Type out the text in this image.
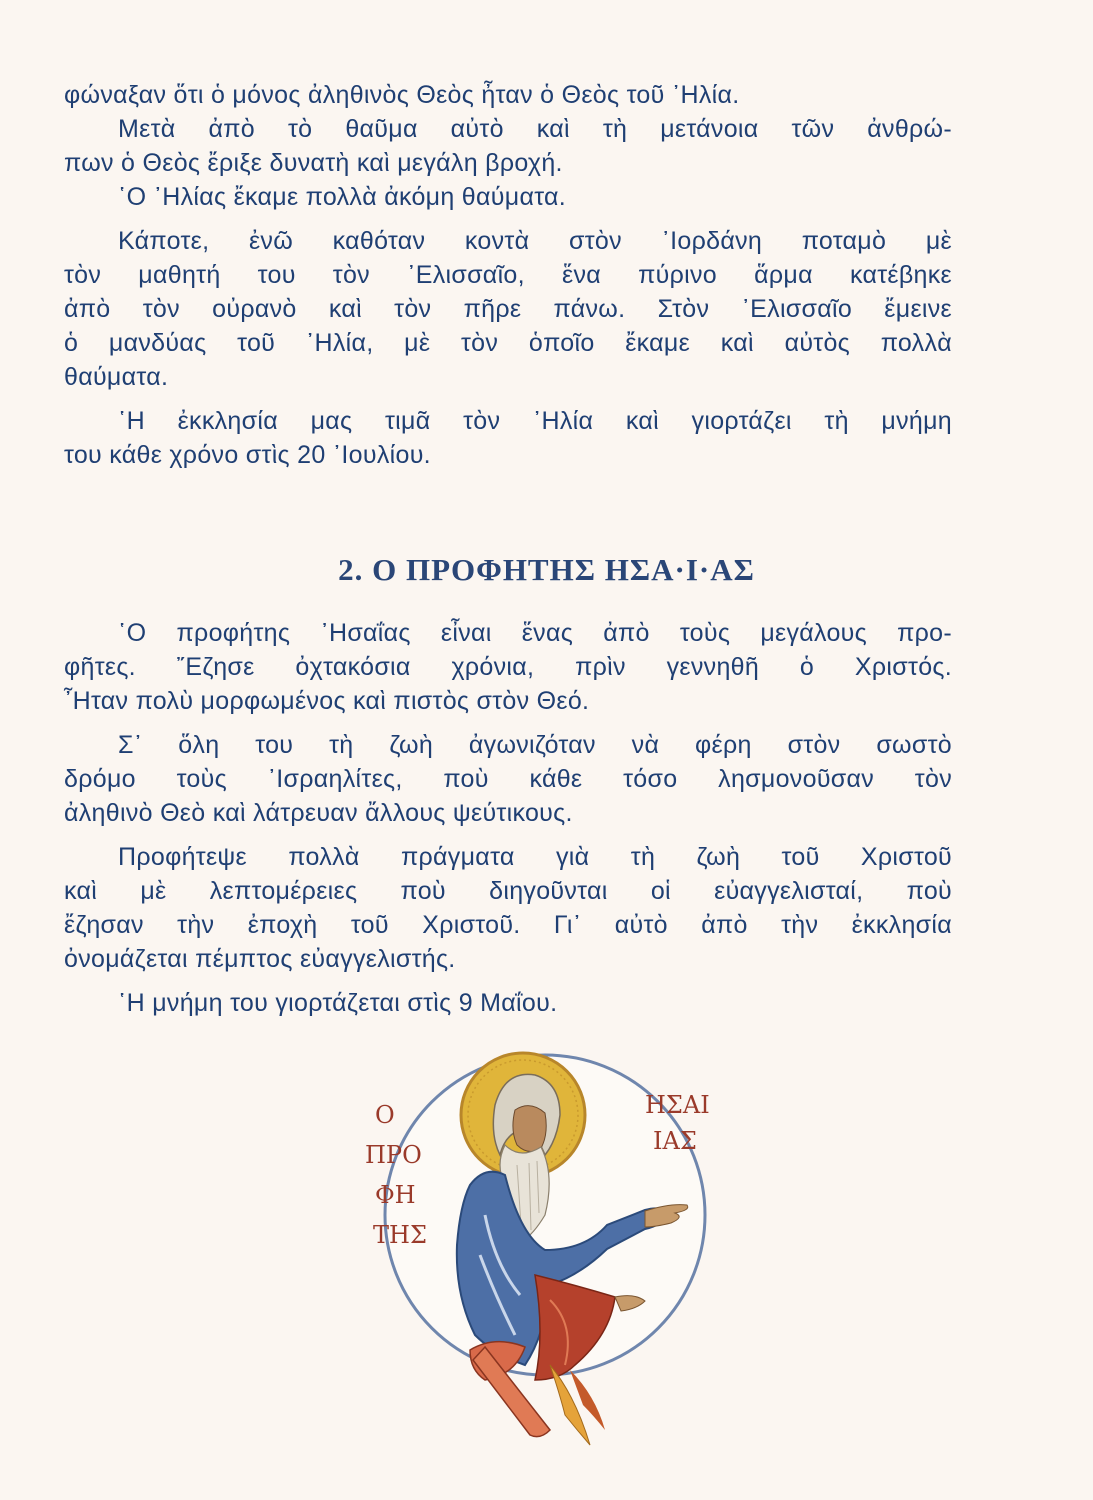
φώναξαν ὅτι ὁ μόνος ἀληθινὸς Θεὸς ἦταν ὁ Θεὸς τοῦ ᾿Ηλία.
Μετὰ ἀπὸ τὸ θαῦμα αὐτὸ καὶ τὴ μετάνοια τῶν ἀνθρώ-
πων ὁ Θεὸς ἔριξε δυνατὴ καὶ μεγάλη βροχή.
῾Ο ᾿Ηλίας ἔκαμε πολλὰ ἀκόμη θαύματα.
Κάποτε, ἐνῶ καθόταν κοντὰ στὸν ᾿Ιορδάνη ποταμὸ μὲ
τὸν μαθητή του τὸν ᾿Ελισσαῖο, ἕνα πύρινο ἅρμα κατέβηκε
ἀπὸ τὸν οὐρανὸ καὶ τὸν πῆρε πάνω. Στὸν ᾿Ελισσαῖο ἔμεινε
ὁ μανδύας τοῦ ᾿Ηλία, μὲ τὸν ὁποῖο ἔκαμε καὶ αὐτὸς πολλὰ
θαύματα.
῾Η ἐκκλησία μας τιμᾶ τὸν ᾿Ηλία καὶ γιορτάζει τὴ μνήμη
του κάθε χρόνο στὶς 20 ᾿Ιουλίου.
2. Ο ΠΡΟΦΗΤΗΣ ΗΣΑ·Ι·ΑΣ
῾Ο προφήτης ᾿Ησαΐας εἶναι ἕνας ἀπὸ τοὺς μεγάλους προ-
φῆτες. ῎Εζησε ὀχτακόσια χρόνια, πρὶν γεννηθῆ ὁ Χριστός.
῏Ηταν πολὺ μορφωμένος καὶ πιστὸς στὸν Θεό.
Σ᾿ ὅλη του τὴ ζωὴ ἀγωνιζόταν νὰ φέρη στὸν σωστὸ
δρόμο τοὺς ᾿Ισραηλίτες, ποὺ κάθε τόσο λησμονοῦσαν τὸν
ἀληθινὸ Θεὸ καὶ λάτρευαν ἄλλους ψεύτικους.
Προφήτεψε πολλὰ πράγματα γιὰ τὴ ζωὴ τοῦ Χριστοῦ
καὶ μὲ λεπτομέρειες ποὺ διηγοῦνται οἱ εὐαγγελισταί, ποὺ
ἔζησαν τὴν ἐποχὴ τοῦ Χριστοῦ. Γι᾿ αὐτὸ ἀπὸ τὴν ἐκκλησία
ὀνομάζεται πέμπτος εὐαγγελιστής.
῾Η μνήμη του γιορτάζεται στὶς 9 Μαΐου.
Ο
ΠΡΟ
ΦΗ
ΤΗΣ
ΗΣΑΙ
ΙΑΣ
